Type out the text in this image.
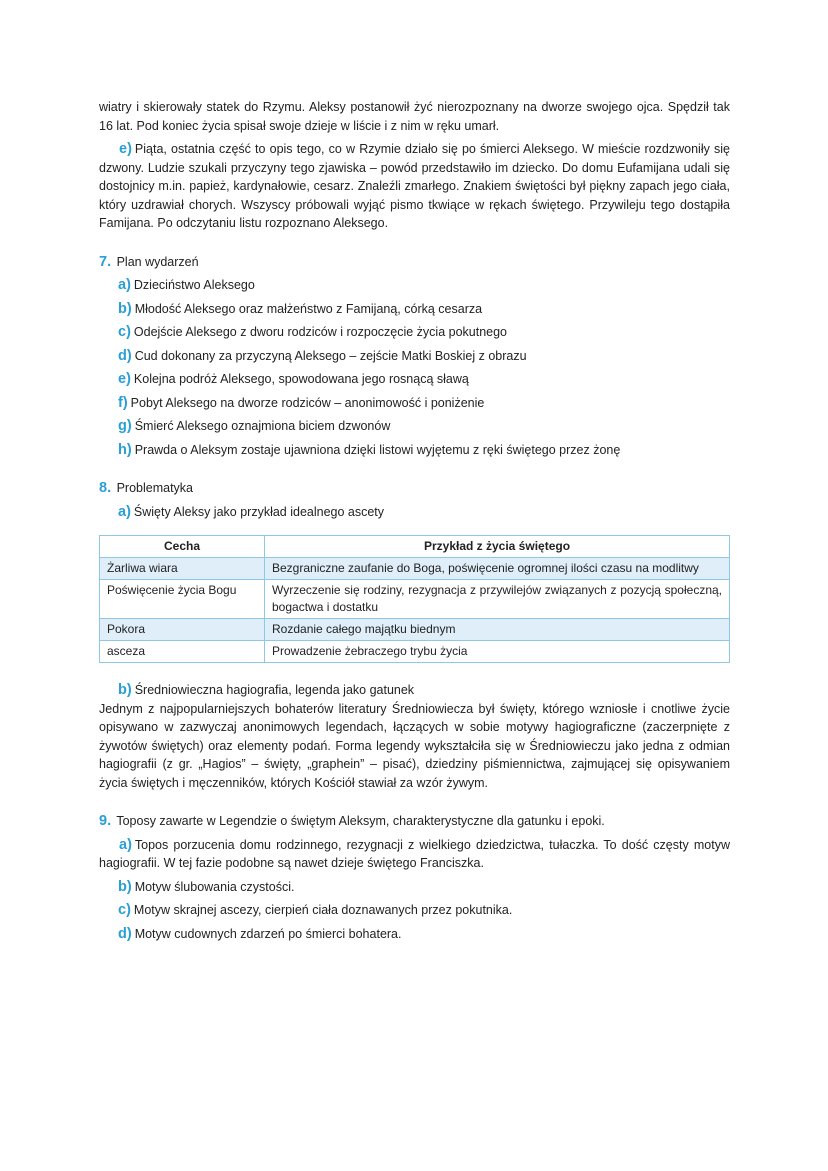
wiatry i skierowały statek do Rzymu. Aleksy postanowił żyć nierozpoznany na dworze swojego ojca. Spędził tak 16 lat. Pod koniec życia spisał swoje dzieje w liście i z nim w ręku umarł.

e) Piąta, ostatnia część to opis tego, co w Rzymie działo się po śmierci Aleksego. W mieście rozdzwoniły się dzwony. Ludzie szukali przyczyny tego zjawiska – powód przedstawiło im dziecko. Do domu Eufamijana udali się dostojnicy m.in. papież, kardynałowie, cesarz. Znaleźli zmarłego. Znakiem świętości był piękny zapach jego ciała, który uzdrawiał chorych. Wszyscy próbowali wyjąć pismo tkwiące w rękach świętego. Przywileju tego dostąpiła Famijana. Po odczytaniu listu rozpoznano Aleksego.

7. Plan wydarzeń

a) Dzieciństwo Aleksego

b) Młodość Aleksego oraz małżeństwo z Famijaną, córką cesarza

c) Odejście Aleksego z dworu rodziców i rozpoczęcie życia pokutnego

d) Cud dokonany za przyczyną Aleksego – zejście Matki Boskiej z obrazu

e) Kolejna podróż Aleksego, spowodowana jego rosnącą sławą

f) Pobyt Aleksego na dworze rodziców – anonimowość i poniżenie

g) Śmierć Aleksego oznajmiona biciem dzwonów

h) Prawda o Aleksym zostaje ujawniona dzięki listowi wyjętemu z ręki świętego przez żonę

8. Problematyka

a) Święty Aleksy jako przykład idealnego ascety

Cecha	Przykład z życia świętego
Żarliwa wiara	Bezgraniczne zaufanie do Boga, poświęcenie ogromnej ilości czasu na modlitwy
Poświęcenie życia Bogu	Wyrzeczenie się rodziny, rezygnacja z przywilejów związanych z pozycją społeczną, bogactwa i dostatku
Pokora	Rozdanie całego majątku biednym
asceza	Prowadzenie żebraczego trybu życia

b) Średniowieczna hagiografia, legenda jako gatunek

Jednym z najpopularniejszych bohaterów literatury Średniowiecza był święty, którego wzniosłe i cnotliwe życie opisywano w zazwyczaj anonimowych legendach, łączących w sobie motywy hagiograficzne (zaczerpnięte z żywotów świętych) oraz elementy podań. Forma legendy wykształciła się w Średniowieczu jako jedna z odmian hagiografii (z gr. „Hagios” – święty, „graphein” – pisać), dziedziny piśmiennictwa, zajmującej się opisywaniem życia świętych i męczenników, których Kościół stawiał za wzór żywym.

9. Toposy zawarte w Legendzie o świętym Aleksym, charakterystyczne dla gatunku i epoki.

a) Topos porzucenia domu rodzinnego, rezygnacji z wielkiego dziedzictwa, tułaczka. To dość częsty motyw hagiografii. W tej fazie podobne są nawet dzieje świętego Franciszka.

b) Motyw ślubowania czystości.

c) Motyw skrajnej ascezy, cierpień ciała doznawanych przez pokutnika.

d) Motyw cudownych zdarzeń po śmierci bohatera.
